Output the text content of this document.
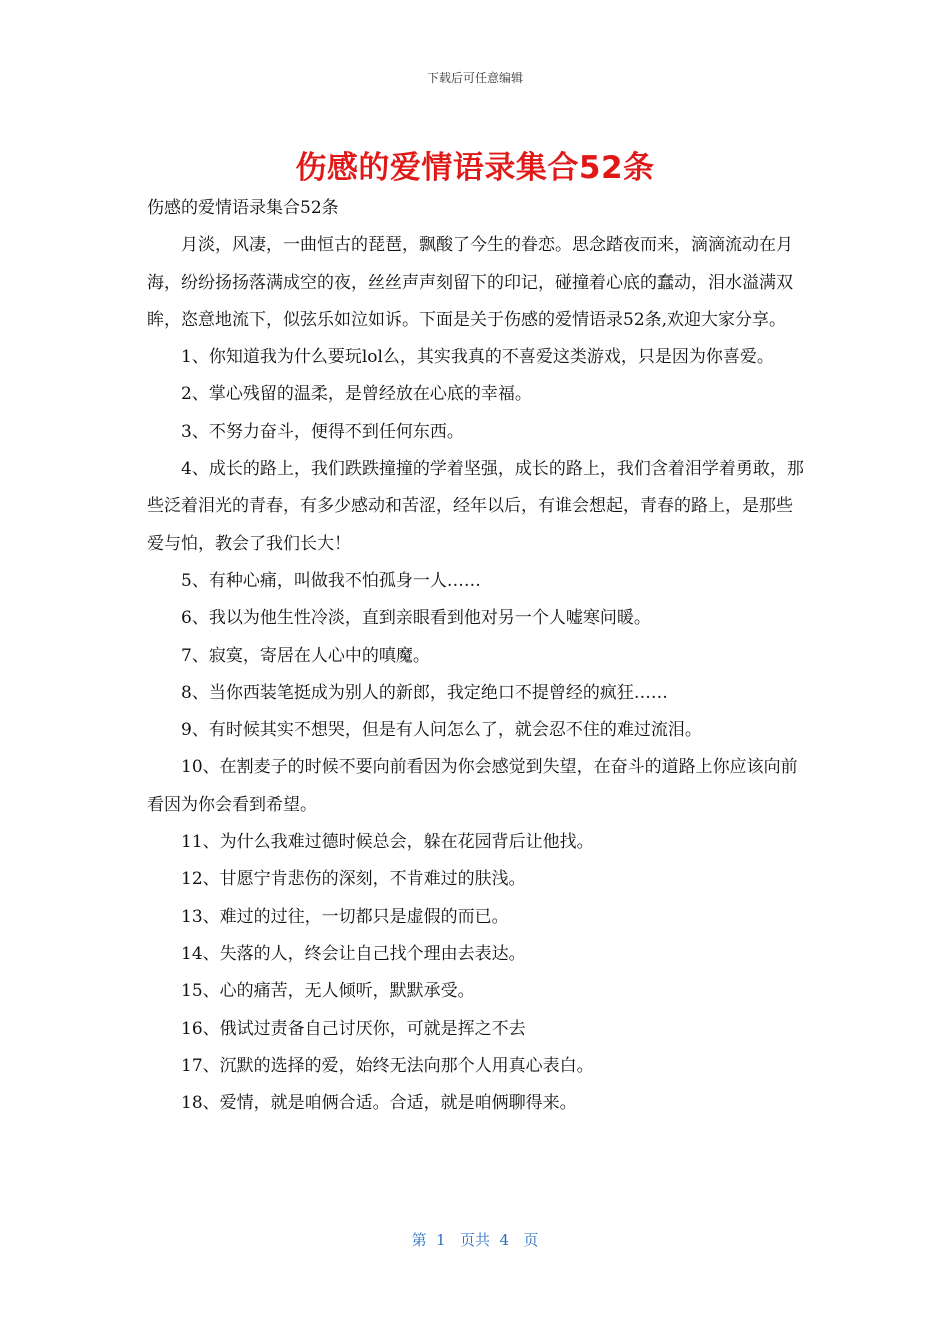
下载后可任意编辑
伤感的爱情语录集合52条

伤感的爱情语录集合52条

月淡，风凄，一曲恒古的琵琶，飘酸了今生的眷恋。思念踏夜而来，滴滴流动在月海，纷纷扬扬落满成空的夜，丝丝声声刻留下的印记，碰撞着心底的蠢动，泪水溢满双眸，恣意地流下，似弦乐如泣如诉。下面是关于伤感的爱情语录52条,欢迎大家分享。

1、你知道我为什么要玩lol么，其实我真的不喜爱这类游戏，只是因为你喜爱。

2、掌心残留的温柔，是曾经放在心底的幸福。

3、不努力奋斗，便得不到任何东西。

4、成长的路上，我们跌跌撞撞的学着坚强，成长的路上，我们含着泪学着勇敢，那些泛着泪光的青春，有多少感动和苦涩，经年以后，有谁会想起，青春的路上，是那些爱与怕，教会了我们长大！

5、有种心痛，叫做我不怕孤身一人……

6、我以为他生性冷淡，直到亲眼看到他对另一个人嘘寒问暖。

7、寂寞，寄居在人心中的嗔魔。

8、当你西装笔挺成为别人的新郎，我定绝口不提曾经的疯狂……

9、有时候其实不想哭，但是有人问怎么了，就会忍不住的难过流泪。

10、在割麦子的时候不要向前看因为你会感觉到失望，在奋斗的道路上你应该向前看因为你会看到希望。

11、为什么我难过德时候总会，躲在花园背后让他找。

12、甘愿宁肯悲伤的深刻，不肯难过的肤浅。

13、难过的过往，一切都只是虚假的而已。

14、失落的人，终会让自己找个理由去表达。

15、心的痛苦，无人倾听，默默承受。

16、俄试过责备自己讨厌你，可就是挥之不去

17、沉默的选择的爱，始终无法向那个人用真心表白。

18、爱情，就是咱俩合适。合适，就是咱俩聊得来。

第  1   页共  4   页
